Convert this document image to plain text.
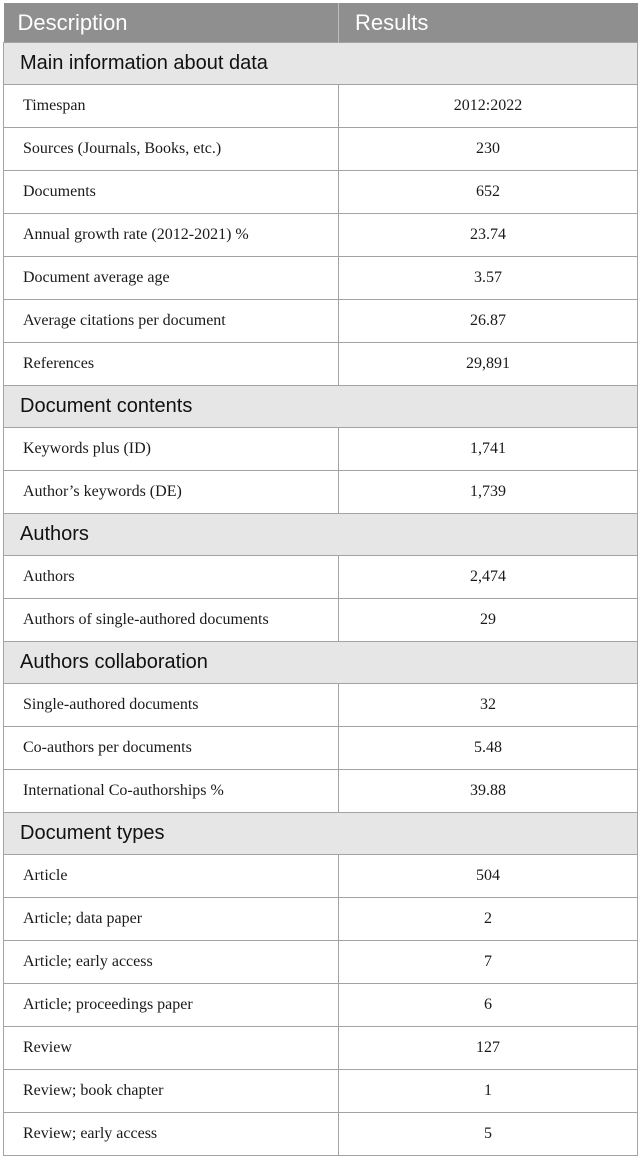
Description	Results
Main information about data	
Timespan	2012:2022
Sources (Journals, Books, etc.)	230
Documents	652
Annual growth rate (2012-2021) %	23.74
Document average age	3.57
Average citations per document	26.87
References	29,891
Document contents	
Keywords plus (ID)	1,741
Author’s keywords (DE)	1,739
Authors	
Authors	2,474
Authors of single-authored documents	29
Authors collaboration	
Single-authored documents	32
Co-authors per documents	5.48
International Co-authorships %	39.88
Document types	
Article	504
Article; data paper	2
Article; early access	7
Article; proceedings paper	6
Review	127
Review; book chapter	1
Review; early access	5
